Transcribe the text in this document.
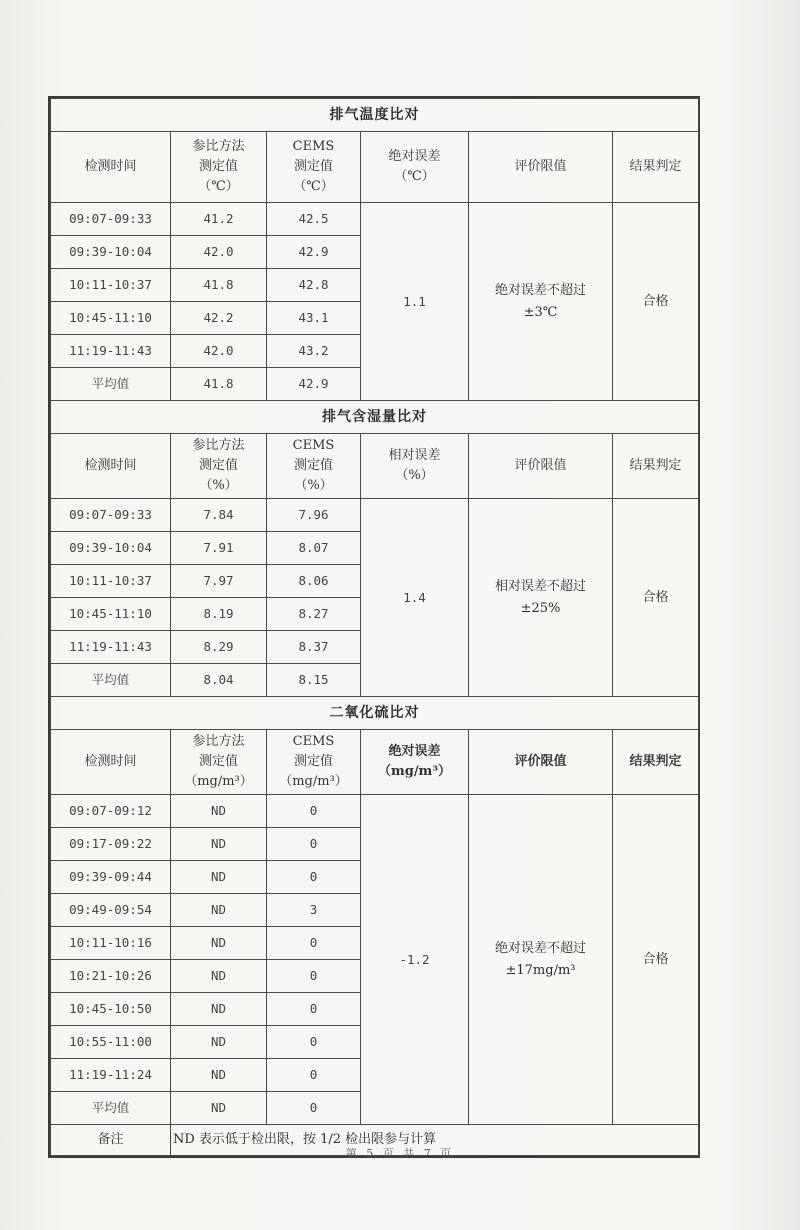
排气温度比对					
检测时间	参比方法
测定值
（℃）	CEMS
测定值
（℃）	绝对误差
（℃）	评价限值	结果判定
09:07-09:33	41.2	42.5	1.1	绝对误差不超过
±3℃	合格
09:39-10:04	42.0	42.9			
10:11-10:37	41.8	42.8			
10:45-11:10	42.2	43.1			
11:19-11:43	42.0	43.2			
平均值	41.8	42.9			
排气含湿量比对					
检测时间	参比方法
测定值
（%）	CEMS
测定值
（%）	相对误差
（%）	评价限值	结果判定
09:07-09:33	7.84	7.96	1.4	相对误差不超过
±25%	合格
09:39-10:04	7.91	8.07			
10:11-10:37	7.97	8.06			
10:45-11:10	8.19	8.27			
11:19-11:43	8.29	8.37			
平均值	8.04	8.15			
二氧化硫比对					
检测时间	参比方法
测定值
（mg/m³）	CEMS
测定值
（mg/m³）	绝对误差
（mg/m³）	评价限值	结果判定
09:07-09:12	ND	0	-1.2	绝对误差不超过
±17mg/m³	合格
09:17-09:22	ND	0			
09:39-09:44	ND	0			
09:49-09:54	ND	3			
10:11-10:16	ND	0			
10:21-10:26	ND	0			
10:45-10:50	ND	0			
10:55-11:00	ND	0			
11:19-11:24	ND	0			
平均值	ND	0			
备注	ND 表示低于检出限，按 1/2 检出限参与计算				
第 5 页 共 7 页
